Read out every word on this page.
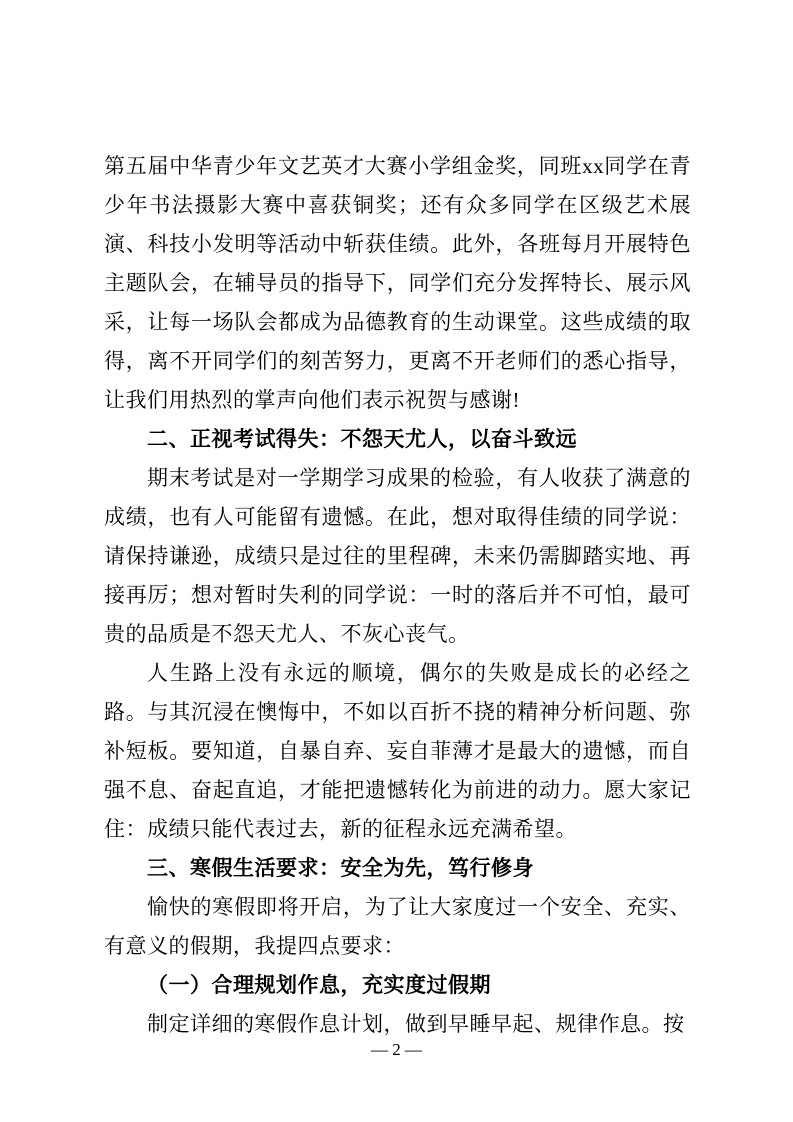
第五届中华青少年文艺英才大赛小学组金奖，同班xx同学在青少年书法摄影大赛中喜获铜奖；还有众多同学在区级艺术展演、科技小发明等活动中斩获佳绩。此外，各班每月开展特色主题队会，在辅导员的指导下，同学们充分发挥特长、展示风采，让每一场队会都成为品德教育的生动课堂。这些成绩的取得，离不开同学们的刻苦努力，更离不开老师们的悉心指导，让我们用热烈的掌声向他们表示祝贺与感谢!

二、正视考试得失：不怨天尤人，以奋斗致远

期末考试是对一学期学习成果的检验，有人收获了满意的成绩，也有人可能留有遗憾。在此，想对取得佳绩的同学说：请保持谦逊，成绩只是过往的里程碑，未来仍需脚踏实地、再接再厉；想对暂时失利的同学说：一时的落后并不可怕，最可贵的品质是不怨天尤人、不灰心丧气。

人生路上没有永远的顺境，偶尔的失败是成长的必经之路。与其沉浸在懊悔中，不如以百折不挠的精神分析问题、弥补短板。要知道，自暴自弃、妄自菲薄才是最大的遗憾，而自强不息、奋起直追，才能把遗憾转化为前进的动力。愿大家记住：成绩只能代表过去，新的征程永远充满希望。

三、寒假生活要求：安全为先，笃行修身

愉快的寒假即将开启，为了让大家度过一个安全、充实、有意义的假期，我提四点要求：

（一）合理规划作息，充实度过假期

制定详细的寒假作息计划，做到早睡早起、规律作息。按

— 2 —
